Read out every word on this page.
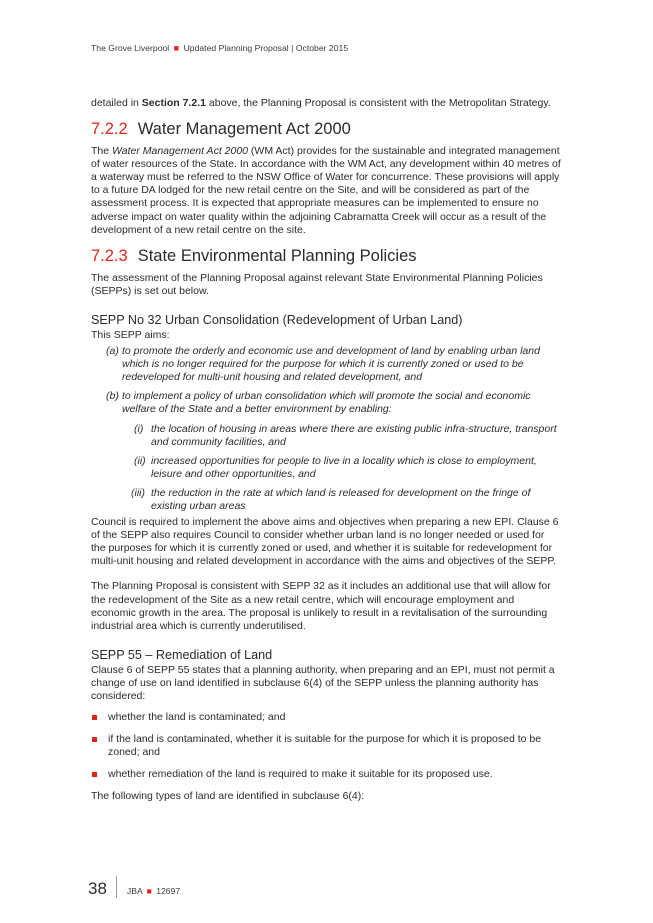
The Grove Liverpool ■ Updated Planning Proposal | October 2015

detailed in Section 7.2.1 above, the Planning Proposal is consistent with the Metropolitan Strategy.

7.2.2 Water Management Act 2000

The Water Management Act 2000 (WM Act) provides for the sustainable and integrated management of water resources of the State. In accordance with the WM Act, any development within 40 metres of a waterway must be referred to the NSW Office of Water for concurrence. These provisions will apply to a future DA lodged for the new retail centre on the Site, and will be considered as part of the assessment process. It is expected that appropriate measures can be implemented to ensure no adverse impact on water quality within the adjoining Cabramatta Creek will occur as a result of the development of a new retail centre on the site.

7.2.3 State Environmental Planning Policies

The assessment of the Planning Proposal against relevant State Environmental Planning Policies (SEPPs) is set out below.

SEPP No 32 Urban Consolidation (Redevelopment of Urban Land)

This SEPP aims:

(a) to promote the orderly and economic use and development of land by enabling urban land which is no longer required for the purpose for which it is currently zoned or used to be redeveloped for multi-unit housing and related development, and
(b) to implement a policy of urban consolidation which will promote the social and economic welfare of the State and a better environment by enabling:
(i) the location of housing in areas where there are existing public infra-structure, transport and community facilities, and
(ii) increased opportunities for people to live in a locality which is close to employment, leisure and other opportunities, and
(iii) the reduction in the rate at which land is released for development on the fringe of existing urban areas

Council is required to implement the above aims and objectives when preparing a new EPI. Clause 6 of the SEPP also requires Council to consider whether urban land is no longer needed or used for the purposes for which it is currently zoned or used, and whether it is suitable for redevelopment for multi-unit housing and related development in accordance with the aims and objectives of the SEPP.

The Planning Proposal is consistent with SEPP 32 as it includes an additional use that will allow for the redevelopment of the Site as a new retail centre, which will encourage employment and economic growth in the area. The proposal is unlikely to result in a revitalisation of the surrounding industrial area which is currently underutilised.

SEPP 55 – Remediation of Land

Clause 6 of SEPP 55 states that a planning authority, when preparing and an EPI, must not permit a change of use on land identified in subclause 6(4) of the SEPP unless the planning authority has considered:

whether the land is contaminated; and
if the land is contaminated, whether it is suitable for the purpose for which it is proposed to be zoned; and
whether remediation of the land is required to make it suitable for its proposed use.

The following types of land are identified in subclause 6(4):

38	JBA ■ 12697
